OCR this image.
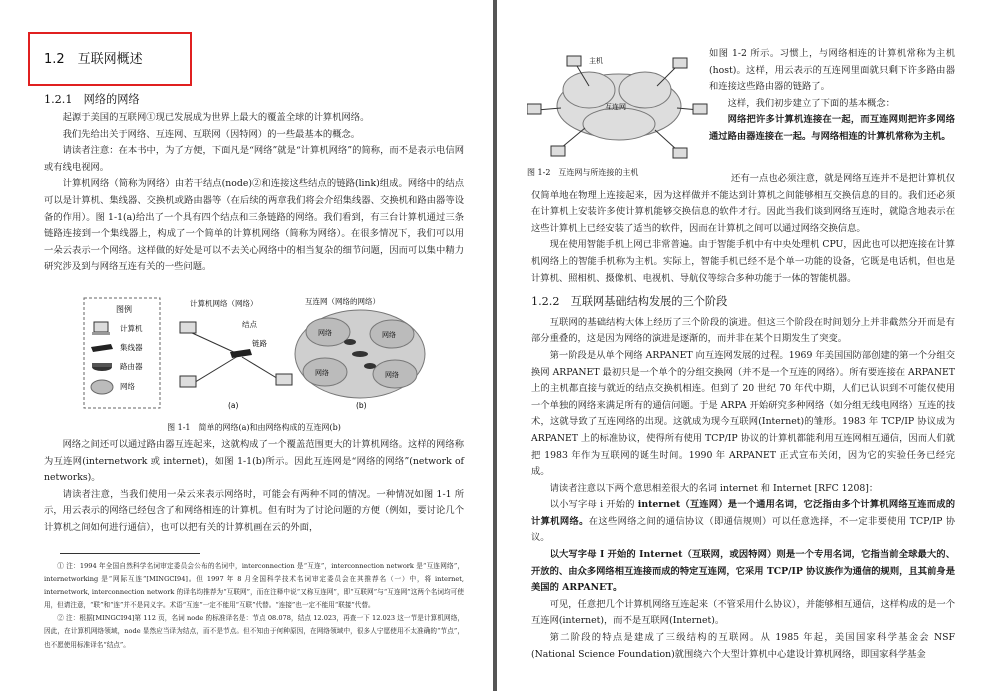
1.2　互联网概述
1.2.1　网络的网络

起源于美国的互联网①现已发展成为世界上最大的覆盖全球的计算机网络。

我们先给出关于网络、互连网、互联网（因特网）的一些最基本的概念。

请读者注意：在本书中，为了方便，下面凡是“网络”就是“计算机网络”的简称，而不是表示电信网或有线电视网。

计算机网络（简称为网络）由若干结点(node)②和连接这些结点的链路(link)组成。网络中的结点可以是计算机、集线器、交换机或路由器等（在后续的两章我们将会介绍集线器、交换机和路由器等设备的作用）。图 1-1(a)给出了一个具有四个结点和三条链路的网络。我们看到，有三台计算机通过三条链路连接到一个集线器上，构成了一个简单的计算机网络（简称为网络）。在很多情况下，我们可以用一朵云表示一个网络。这样做的好处是可以不去关心网络中的相当复杂的细节问题，因而可以集中精力研究涉及到与网络互连有关的一些问题。

图例
计算机
集线器
路由器
网络
计算机网络（网络）
结点
链路
(a)
互连网（网络的网络）
网络	网络
网络	网络
(b)
图 1-1　简单的网络(a)和由网络构成的互连网(b)

网络之间还可以通过路由器互连起来，这就构成了一个覆盖范围更大的计算机网络。这样的网络称为互连网(internetwork 或 internet)，如图 1-1(b)所示。因此互连网是“网络的网络”(network of networks)。

请读者注意，当我们使用一朵云来表示网络时，可能会有两种不同的情况。一种情况如图 1-1 所示，用云表示的网络已经包含了和网络相连的计算机。但有时为了讨论问题的方便（例如，要讨论几个计算机之间如何进行通信），也可以把有关的计算机画在云的外面，

① 注：1994 年全国自然科学名词审定委员会公布的名词中，interconnection 是“互连”，interconnection network 是“互连网络”，internetworking 是“网际互连”[MINGCI94]。但 1997 年 8 月全国科学技术名词审定委员会在其推荐名（一）中，将 internet, internetwork, interconnection network 的译名均推荐为“互联网”，而在注释中说“又称互连网”，即“互联网”与“互连网”这两个名词均可使用，但请注意，“联”和“连”并不是同义字。术语“互连”一定不能用“互联”代替。“连接”也一定不能用“联接”代替。

② 注：根据[MINGCI94]第 112 页，名词 node 的标准译名是：节点 08.078，结点 12.023，再查一下 12.023 这一节是计算机网络，因此，在计算机网络领域，node 显然应当译为结点，而不是节点。但不知由于何种原因，在网络领域中，很多人宁愿使用不太准确的“节点”，也不愿使用标准译名“结点”。

互连网
主机
图 1-2　互连网与所连接的主机

如图 1-2 所示。习惯上，与网络相连的计算机常称为主机(host)。这样，用云表示的互连网里面就只剩下许多路由器和连接这些路由器的链路了。

这样，我们初步建立了下面的基本概念：

网络把许多计算机连接在一起，而互连网则把许多网络通过路由器连接在一起。与网络相连的计算机常称为主机。

还有一点也必须注意，就是网络互连并不是把计算机仅仅简单地在物理上连接起来，因为这样做并不能达到计算机之间能够相互交换信息的目的。我们还必须在计算机上安装许多使计算机能够交换信息的软件才行。因此当我们谈到网络互连时，就隐含地表示在这些计算机上已经安装了适当的软件，因而在计算机之间可以通过网络交换信息。

现在使用智能手机上网已非常普遍。由于智能手机中有中央处理机 CPU，因此也可以把连接在计算机网络上的智能手机称为主机。实际上，智能手机已经不是个单一功能的设备，它既是电话机，但也是计算机、照相机、摄像机、电视机、导航仪等综合多种功能于一体的智能机器。

1.2.2　互联网基础结构发展的三个阶段

互联网的基础结构大体上经历了三个阶段的演进。但这三个阶段在时间划分上并非截然分开而是有部分重叠的，这是因为网络的演进是逐渐的，而并非在某个日期发生了突变。

第一阶段是从单个网络 ARPANET 向互连网发展的过程。1969 年美国国防部创建的第一个分组交换网 ARPANET 最初只是一个单个的分组交换网（并不是一个互连的网络）。所有要连接在 ARPANET 上的主机都直接与就近的结点交换机相连。但到了 20 世纪 70 年代中期，人们已认识到不可能仅使用一个单独的网络来满足所有的通信问题。于是 ARPA 开始研究多种网络（如分组无线电网络）互连的技术，这就导致了互连网络的出现。这就成为现今互联网(Internet)的雏形。1983 年 TCP/IP 协议成为 ARPANET 上的标准协议，使得所有使用 TCP/IP 协议的计算机都能利用互连网相互通信，因而人们就把 1983 年作为互联网的诞生时间。1990 年 ARPANET 正式宣布关闭，因为它的实验任务已经完成。

请读者注意以下两个意思相差很大的名词 internet 和 Internet [RFC 1208]：

以小写字母 i 开始的 internet（互连网）是一个通用名词，它泛指由多个计算机网络互连而成的计算机网络。在这些网络之间的通信协议（即通信规则）可以任意选择，不一定非要使用 TCP/IP 协议。

以大写字母 I 开始的 Internet（互联网，或因特网）则是一个专用名词，它指当前全球最大的、开放的、由众多网络相互连接而成的特定互连网，它采用 TCP/IP 协议族作为通信的规则，且其前身是美国的 ARPANET。

可见，任意把几个计算机网络互连起来（不管采用什么协议），并能够相互通信，这样构成的是一个互连网(internet)，而不是互联网(Internet)。

第二阶段的特点是建成了三级结构的互联网。从 1985 年起，美国国家科学基金会 NSF (National Science Foundation)就围绕六个大型计算机中心建设计算机网络，即国家科学基金
